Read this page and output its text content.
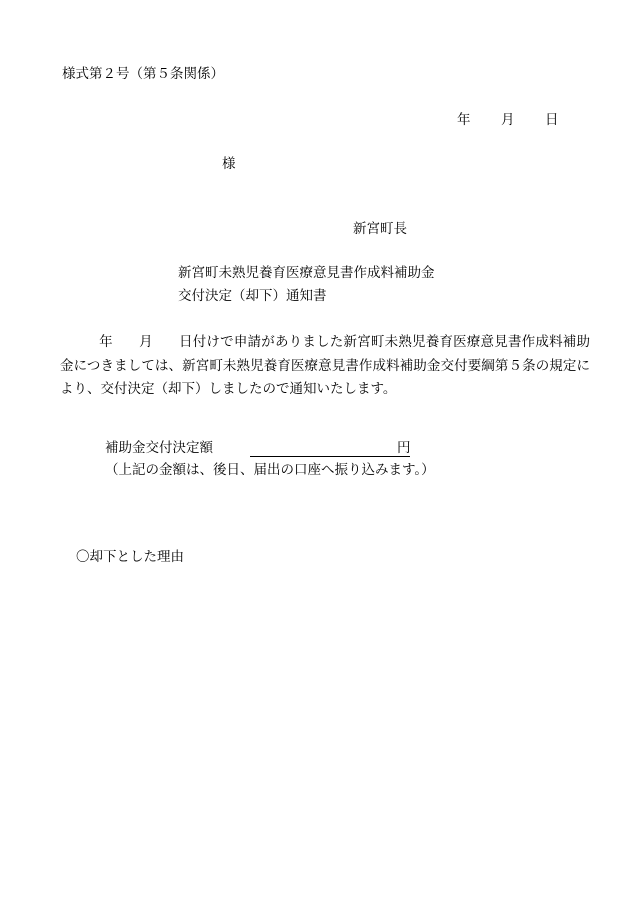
様式第２号（第５条関係）
年 月 日
様
新宮町長
新宮町未熟児養育医療意見書作成料補助金
交付決定（却下）通知書
年 月 日付けで申請がありました新宮町未熟児養育医療意見書作成料補助金につきましては、新宮町未熟児養育医療意見書作成料補助金交付要綱第５条の規定により、交付決定（却下）しましたので通知いたします。
補助金交付決定額	円
（上記の金額は、後日、届出の口座へ振り込みます。）
〇却下とした理由
